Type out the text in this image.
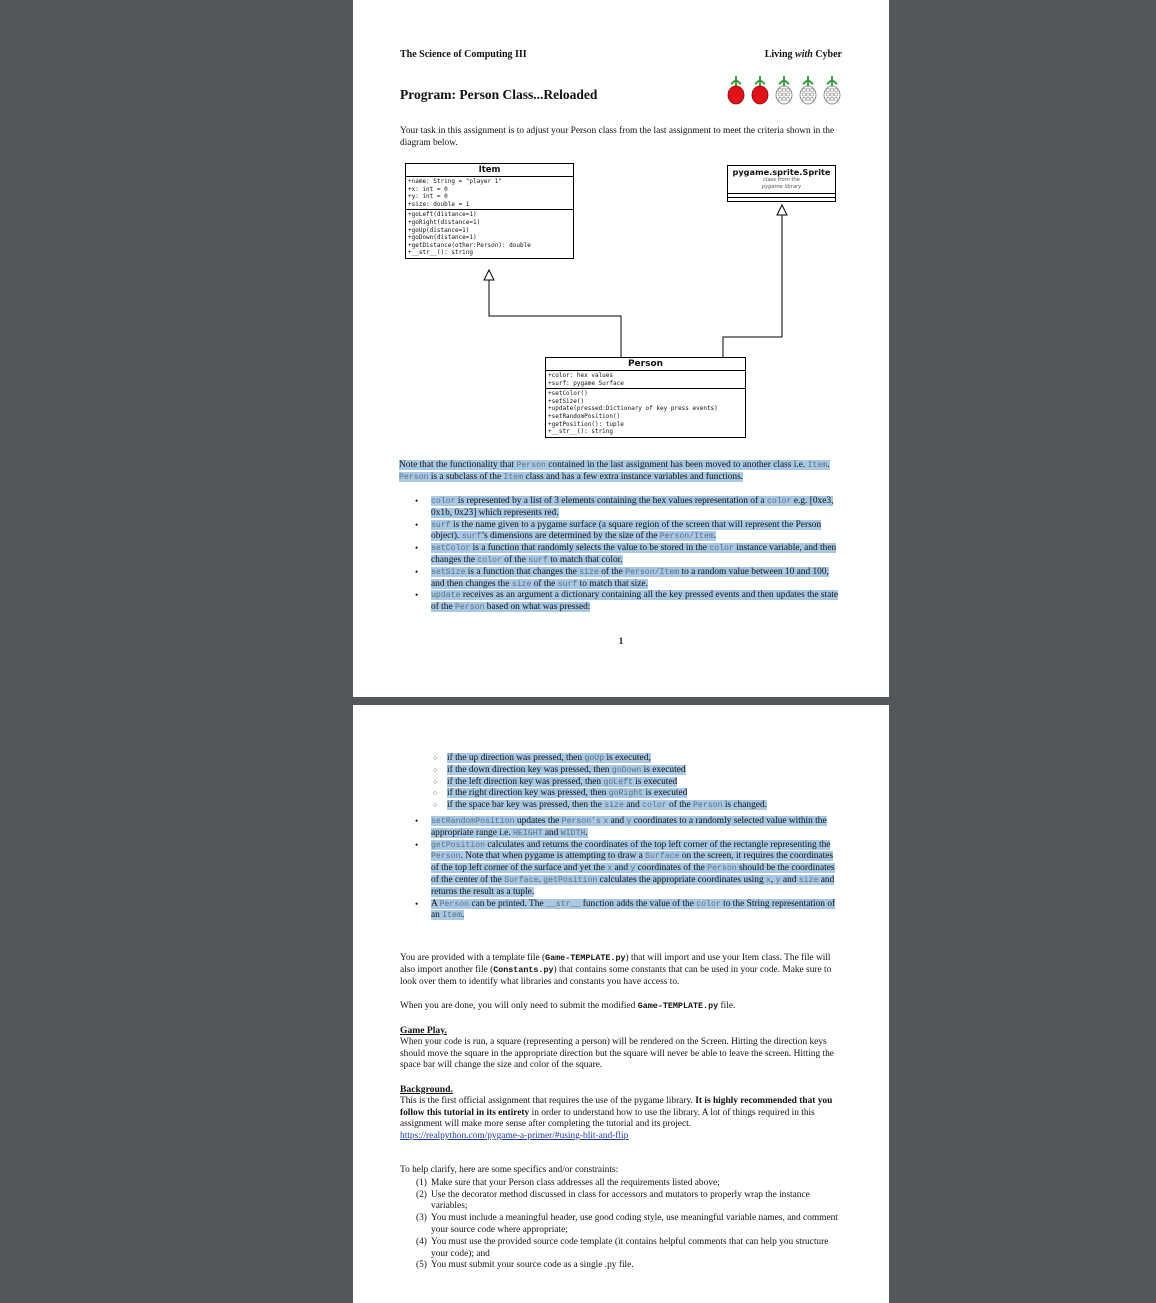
The Science of Computing III	Living with Cyber
Program: Person Class...Reloaded
Your task in this assignment is to adjust your Person class from the last assignment to meet the criteria shown in the diagram below.
Item
+name: String = "player 1"
+x: int = 0
+y: int = 0
+size: double = 1
+goLeft(distance=1)
+goRight(distance=1)
+goUp(distance=1)
+goDown(distance=1)
+getDistance(other:Person): double
+__str__(): string
pygame.sprite.Sprite
class from the
pygame library
Person
+color: hex values
+surf: pygame Surface
+setColor()
+setSize()
+update(pressed:Dictionary of key press events)
+setRandomPosition()
+getPosition(): tuple
+__str__(): string
Note that the functionality that Person contained in the last assignment has been moved to another class i.e. Item. Person is a subclass of the Item class and has a few extra instance variables and functions.
• color is represented by a list of 3 elements containing the hex values representation of a color e.g. [0xe3, 0x1b, 0x23] which represents red.
• surf is the name given to a pygame surface (a square region of the screen that will represent the Person object). surf’s dimensions are determined by the size of the Person/Item.
• setColor is a function that randomly selects the value to be stored in the color instance variable, and then changes the color of the surf to match that color.
• setSize is a function that changes the size of the Person/Item to a random value between 10 and 100, and then changes the size of the surf to match that size.
• update receives as an argument a dictionary containing all the key pressed events and then updates the state of the Person based on what was pressed:
1
○ if the up direction was pressed, then goUp is executed,
○ if the down direction key was pressed, then goDown is executed
○ if the left direction key was pressed, then goLeft is executed
○ if the right direction key was pressed, then goRight is executed
○ if the space bar key was pressed, then the size and color of the Person is changed.
• setRandomPosition updates the Person’s x and y coordinates to a randomly selected value within the appropriate range i.e. HEIGHT and WIDTH.
• getPosition calculates and returns the coordinates of the top left corner of the rectangle representing the Person. Note that when pygame is attempting to draw a Surface on the screen, it requires the coordinates of the top left corner of the surface and yet the x and y coordinates of the Person should be the coordinates of the center of the Surface. getPosition calculates the appropriate coordinates using x, y and size and returns the result as a tuple.
• A Person can be printed. The __str__ function adds the value of the color to the String representation of an Item.
You are provided with a template file (Game-TEMPLATE.py) that will import and use your Item class. The file will also import another file (Constants.py) that contains some constants that can be used in your code. Make sure to look over them to identify what libraries and constants you have access to.
When you are done, you will only need to submit the modified Game-TEMPLATE.py file.
Game Play.
When your code is run, a square (representing a person) will be rendered on the Screen. Hitting the direction keys should move the square in the appropriate direction but the square will never be able to leave the screen. Hitting the space bar will change the size and color of the square.
Background.
This is the first official assignment that requires the use of the pygame library. It is highly recommended that you follow this tutorial in its entirety in order to understand how to use the library. A lot of things required in this assignment will make more sense after completing the tutorial and its project.
https://realpython.com/pygame-a-primer/#using-blit-and-flip
To help clarify, here are some specifics and/or constraints:
(1) Make sure that your Person class addresses all the requirements listed above;
(2) Use the decorator method discussed in class for accessors and mutators to properly wrap the instance variables;
(3) You must include a meaningful header, use good coding style, use meaningful variable names, and comment your source code where appropriate;
(4) You must use the provided source code template (it contains helpful comments that can help you structure your code); and
(5) You must submit your source code as a single .py file.
